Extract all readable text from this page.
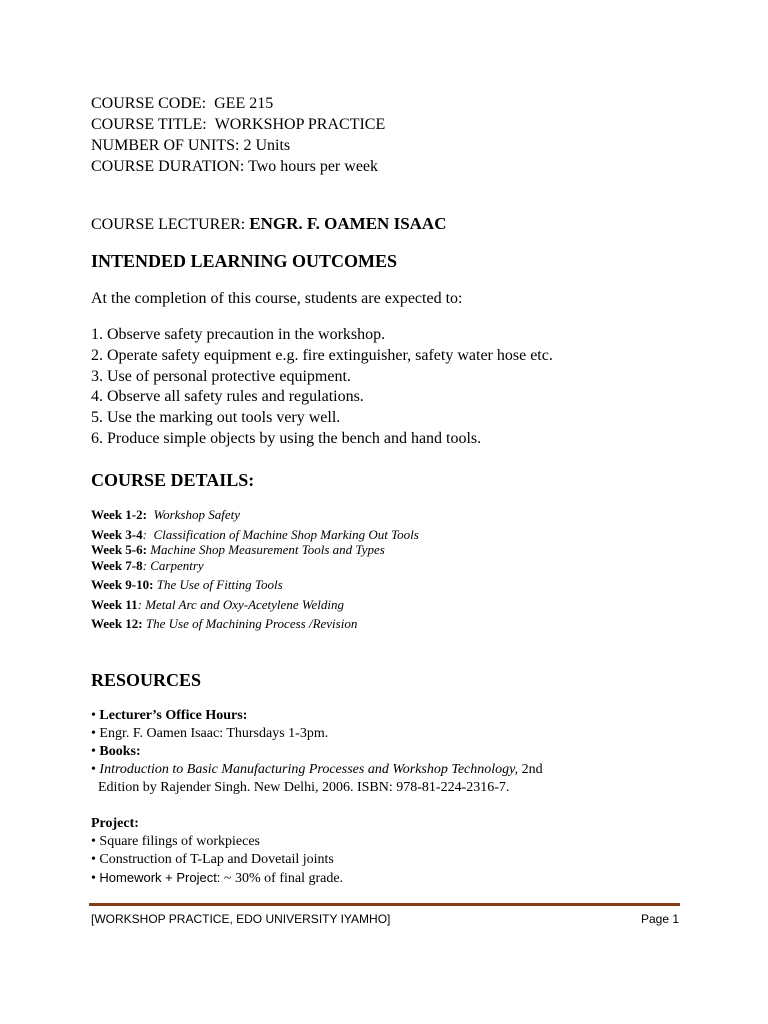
COURSE CODE: GEE 215
COURSE TITLE: WORKSHOP PRACTICE
NUMBER OF UNITS: 2 Units
COURSE DURATION: Two hours per week
COURSE LECTURER: ENGR. F. OAMEN ISAAC
INTENDED LEARNING OUTCOMES
At the completion of this course, students are expected to:
1. Observe safety precaution in the workshop.
2. Operate safety equipment e.g. fire extinguisher, safety water hose etc.
3. Use of personal protective equipment.
4. Observe all safety rules and regulations.
5. Use the marking out tools very well.
6. Produce simple objects by using the bench and hand tools.
COURSE DETAILS:
Week 1-2: Workshop Safety
Week 3-4: Classification of Machine Shop Marking Out Tools
Week 5-6: Machine Shop Measurement Tools and Types
Week 7-8: Carpentry
Week 9-10: The Use of Fitting Tools
Week 11: Metal Arc and Oxy-Acetylene Welding
Week 12: The Use of Machining Process /Revision
RESOURCES
• Lecturer’s Office Hours:
• Engr. F. Oamen Isaac: Thursdays 1-3pm.
• Books:
• Introduction to Basic Manufacturing Processes and Workshop Technology, 2nd
Edition by Rajender Singh. New Delhi, 2006. ISBN: 978-81-224-2316-7.
Project:
• Square filings of workpieces
• Construction of T-Lap and Dovetail joints
• Homework + Project: ~ 30% of final grade.
[WORKSHOP PRACTICE, EDO UNIVERSITY IYAMHO]	Page 1
